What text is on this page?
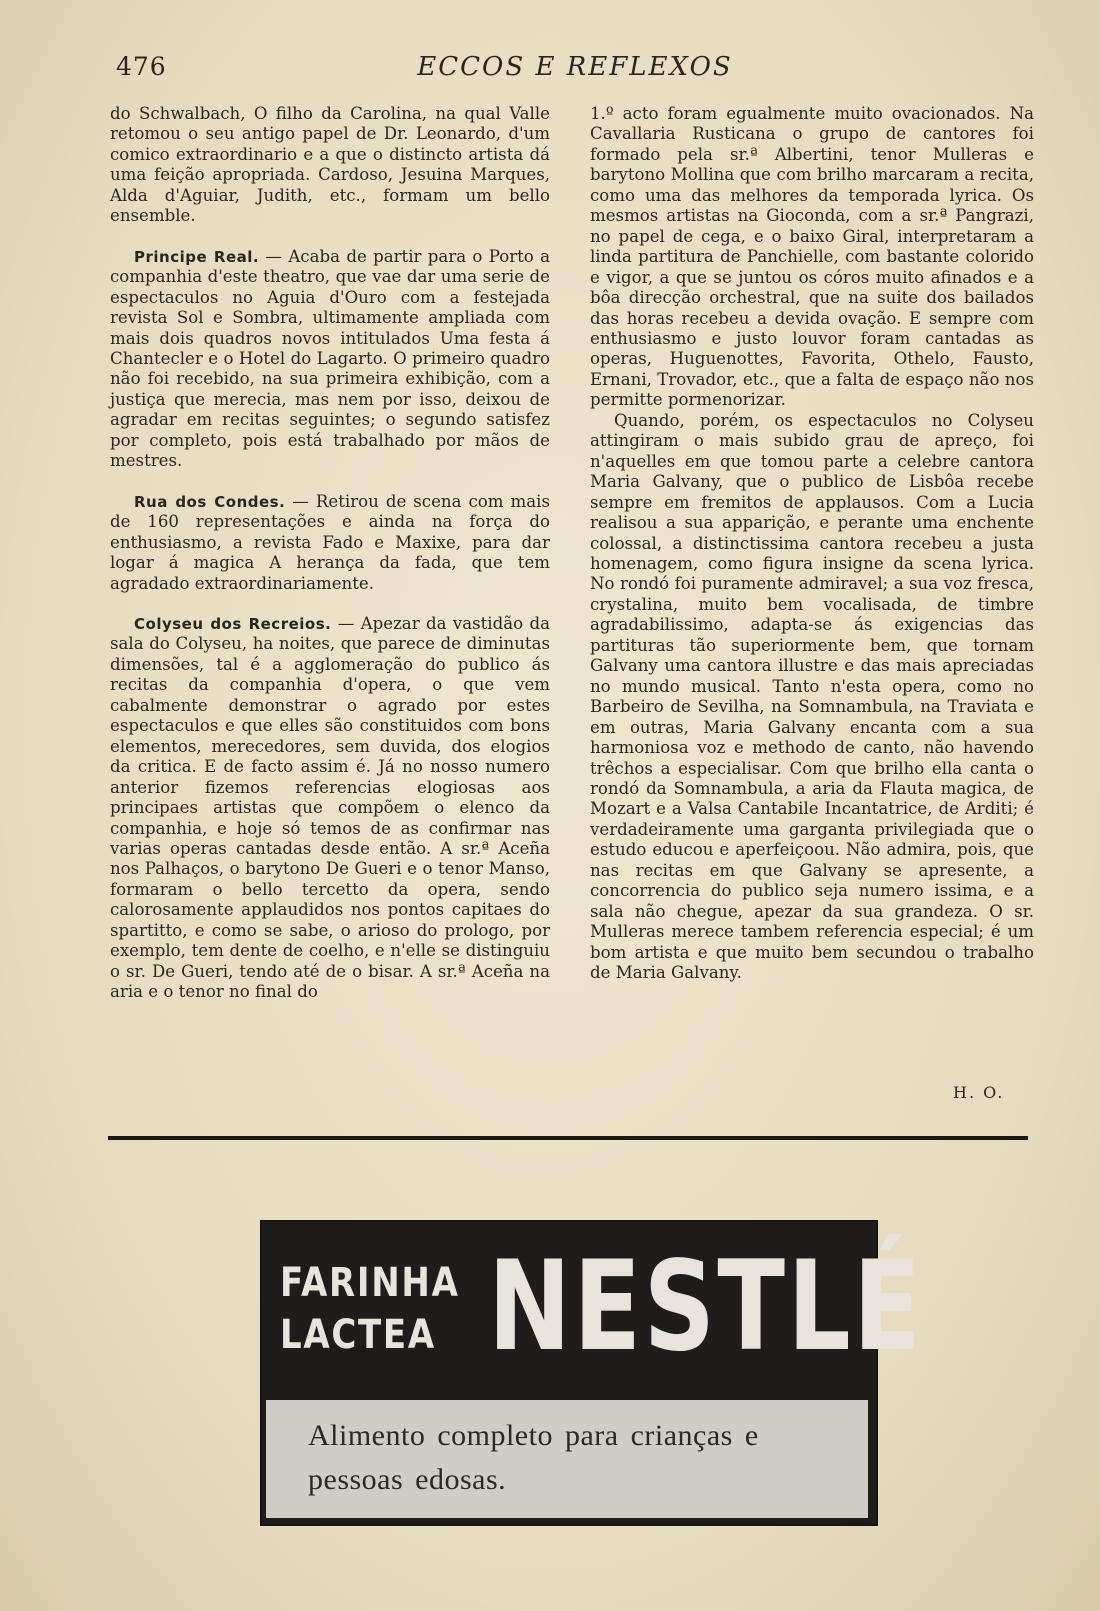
476	ECCOS E REFLEXOS

do Schwalbach, O filho da Carolina, na qual Valle retomou o seu antigo papel de Dr. Leonardo, d'um comico extraordinario e a que o distincto artista dá uma feição apropriada. Cardoso, Jesuina Marques, Alda d'Aguiar, Judith, etc., formam um bello ensemble.

Principe Real. — Acaba de partir para o Porto a companhia d'este theatro, que vae dar uma serie de espectaculos no Aguia d'Ouro com a festejada revista Sol e Sombra, ultimamente ampliada com mais dois quadros novos intitulados Uma festa á Chantecler e o Hotel do Lagarto. O primeiro quadro não foi recebido, na sua primeira exhibição, com a justiça que merecia, mas nem por isso, deixou de agradar em recitas seguintes; o segundo satisfez por completo, pois está trabalhado por mãos de mestres.

Rua dos Condes. — Retirou de scena com mais de 160 representações e ainda na força do enthusiasmo, a revista Fado e Maxixe, para dar logar á magica A herança da fada, que tem agradado extraordinariamente.

Colyseu dos Recreios. — Apezar da vastidão da sala do Colyseu, ha noites, que parece de diminutas dimensões, tal é a agglomeração do publico ás recitas da companhia d'opera, o que vem cabalmente demonstrar o agrado por estes espectaculos e que elles são constituidos com bons elementos, merecedores, sem duvida, dos elogios da critica. E de facto assim é. Já no nosso numero anterior fizemos referencias elogiosas aos principaes artistas que compõem o elenco da companhia, e hoje só temos de as confirmar nas varias operas cantadas desde então. A sr.ª Aceña nos Palhaços, o barytono De Gueri e o tenor Manso, formaram o bello tercetto da opera, sendo calorosamente applaudidos nos pontos capitaes do spartitto, e como se sabe, o arioso do prologo, por exemplo, tem dente de coelho, e n'elle se distinguiu o sr. De Gueri, tendo até de o bisar. A sr.ª Aceña na aria e o tenor no final do

1.º acto foram egualmente muito ovacionados. Na Cavallaria Rusticana o grupo de cantores foi formado pela sr.ª Albertini, tenor Mulleras e barytono Mollina que com brilho marcaram a recita, como uma das melhores da temporada lyrica. Os mesmos artistas na Gioconda, com a sr.ª Pangrazi, no papel de cega, e o baixo Giral, interpretaram a linda partitura de Panchielle, com bastante colorido e vigor, a que se juntou os córos muito afinados e a bôa direcção orchestral, que na suite dos bailados das horas recebeu a devida ovação. E sempre com enthusiasmo e justo louvor foram cantadas as operas, Huguenottes, Favorita, Othelo, Fausto, Ernani, Trovador, etc., que a falta de espaço não nos permitte pormenorizar.

Quando, porém, os espectaculos no Colyseu attingiram o mais subido grau de apreço, foi n'aquelles em que tomou parte a celebre cantora Maria Galvany, que o publico de Lisbôa recebe sempre em fremitos de applausos. Com a Lucia realisou a sua apparição, e perante uma enchente colossal, a distinctissima cantora recebeu a justa homenagem, como figura insigne da scena lyrica. No rondó foi puramente admiravel; a sua voz fresca, crystalina, muito bem vocalisada, de timbre agradabilissimo, adapta-se ás exigencias das partituras tão superiormente bem, que tornam Galvany uma cantora illustre e das mais apreciadas no mundo musical. Tanto n'esta opera, como no Barbeiro de Sevilha, na Somnambula, na Traviata e em outras, Maria Galvany encanta com a sua harmoniosa voz e methodo de canto, não havendo trêchos a especialisar. Com que brilho ella canta o rondó da Somnambula, a aria da Flauta magica, de Mozart e a Valsa Cantabile Incantatrice, de Arditi; é verdadeiramente uma garganta privilegiada que o estudo educou e aperfeiçoou. Não admira, pois, que nas recitas em que Galvany se apresente, a concorrencia do publico seja numero issima, e a sala não chegue, apezar da sua grandeza. O sr. Mulleras merece tambem referencia especial; é um bom artista e que muito bem secundou o trabalho de Maria Galvany.

H. O.
FARINHA
LACTEA NESTLÉ
Alimento completo para crianças e pessoas edosas.
